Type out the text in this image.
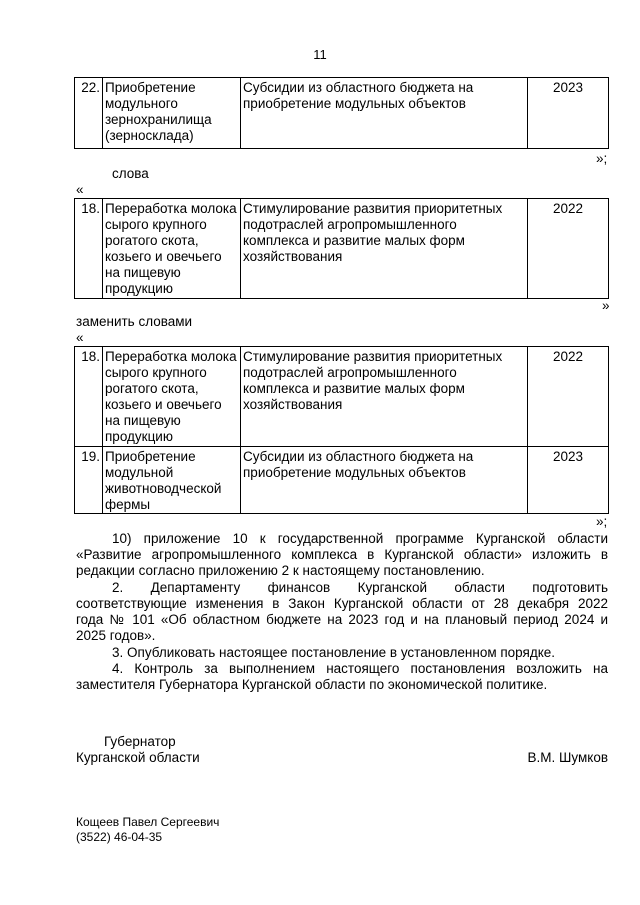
11
22.	Приобретение модульного зернохранилища (зерносклада)	Субсидии из областного бюджета на приобретение модульных объектов	2023
»;
слова
«
18.	Переработка молока сырого крупного рогатого скота, козьего и овечьего на пищевую продукцию	Стимулирование развития приоритетных подотраслей агропромышленного комплекса и развитие малых форм хозяйствования	2022
»
заменить словами
«
18.	Переработка молока сырого крупного рогатого скота, козьего и овечьего на пищевую продукцию	Стимулирование развития приоритетных подотраслей агропромышленного комплекса и развитие малых форм хозяйствования	2022
19.	Приобретение модульной животноводческой фермы	Субсидии из областного бюджета на приобретение модульных объектов	2023
»;
10) приложение 10 к государственной программе Курганской области
«Развитие агропромышленного комплекса в Курганской области» изложить в
редакции согласно приложению 2 к настоящему постановлению.
2. Департаменту финансов Курганской области подготовить
соответствующие изменения в Закон Курганской области от 28 декабря 2022
года № 101 «Об областном бюджете на 2023 год и на плановый период 2024 и
2025 годов».
3. Опубликовать настоящее постановление в установленном порядке.
4. Контроль за выполнением настоящего постановления возложить на
заместителя Губернатора Курганской области по экономической политике.
Губернатор
Курганской области	В.М. Шумков
Кощеев Павел Сергеевич
(3522) 46-04-35
